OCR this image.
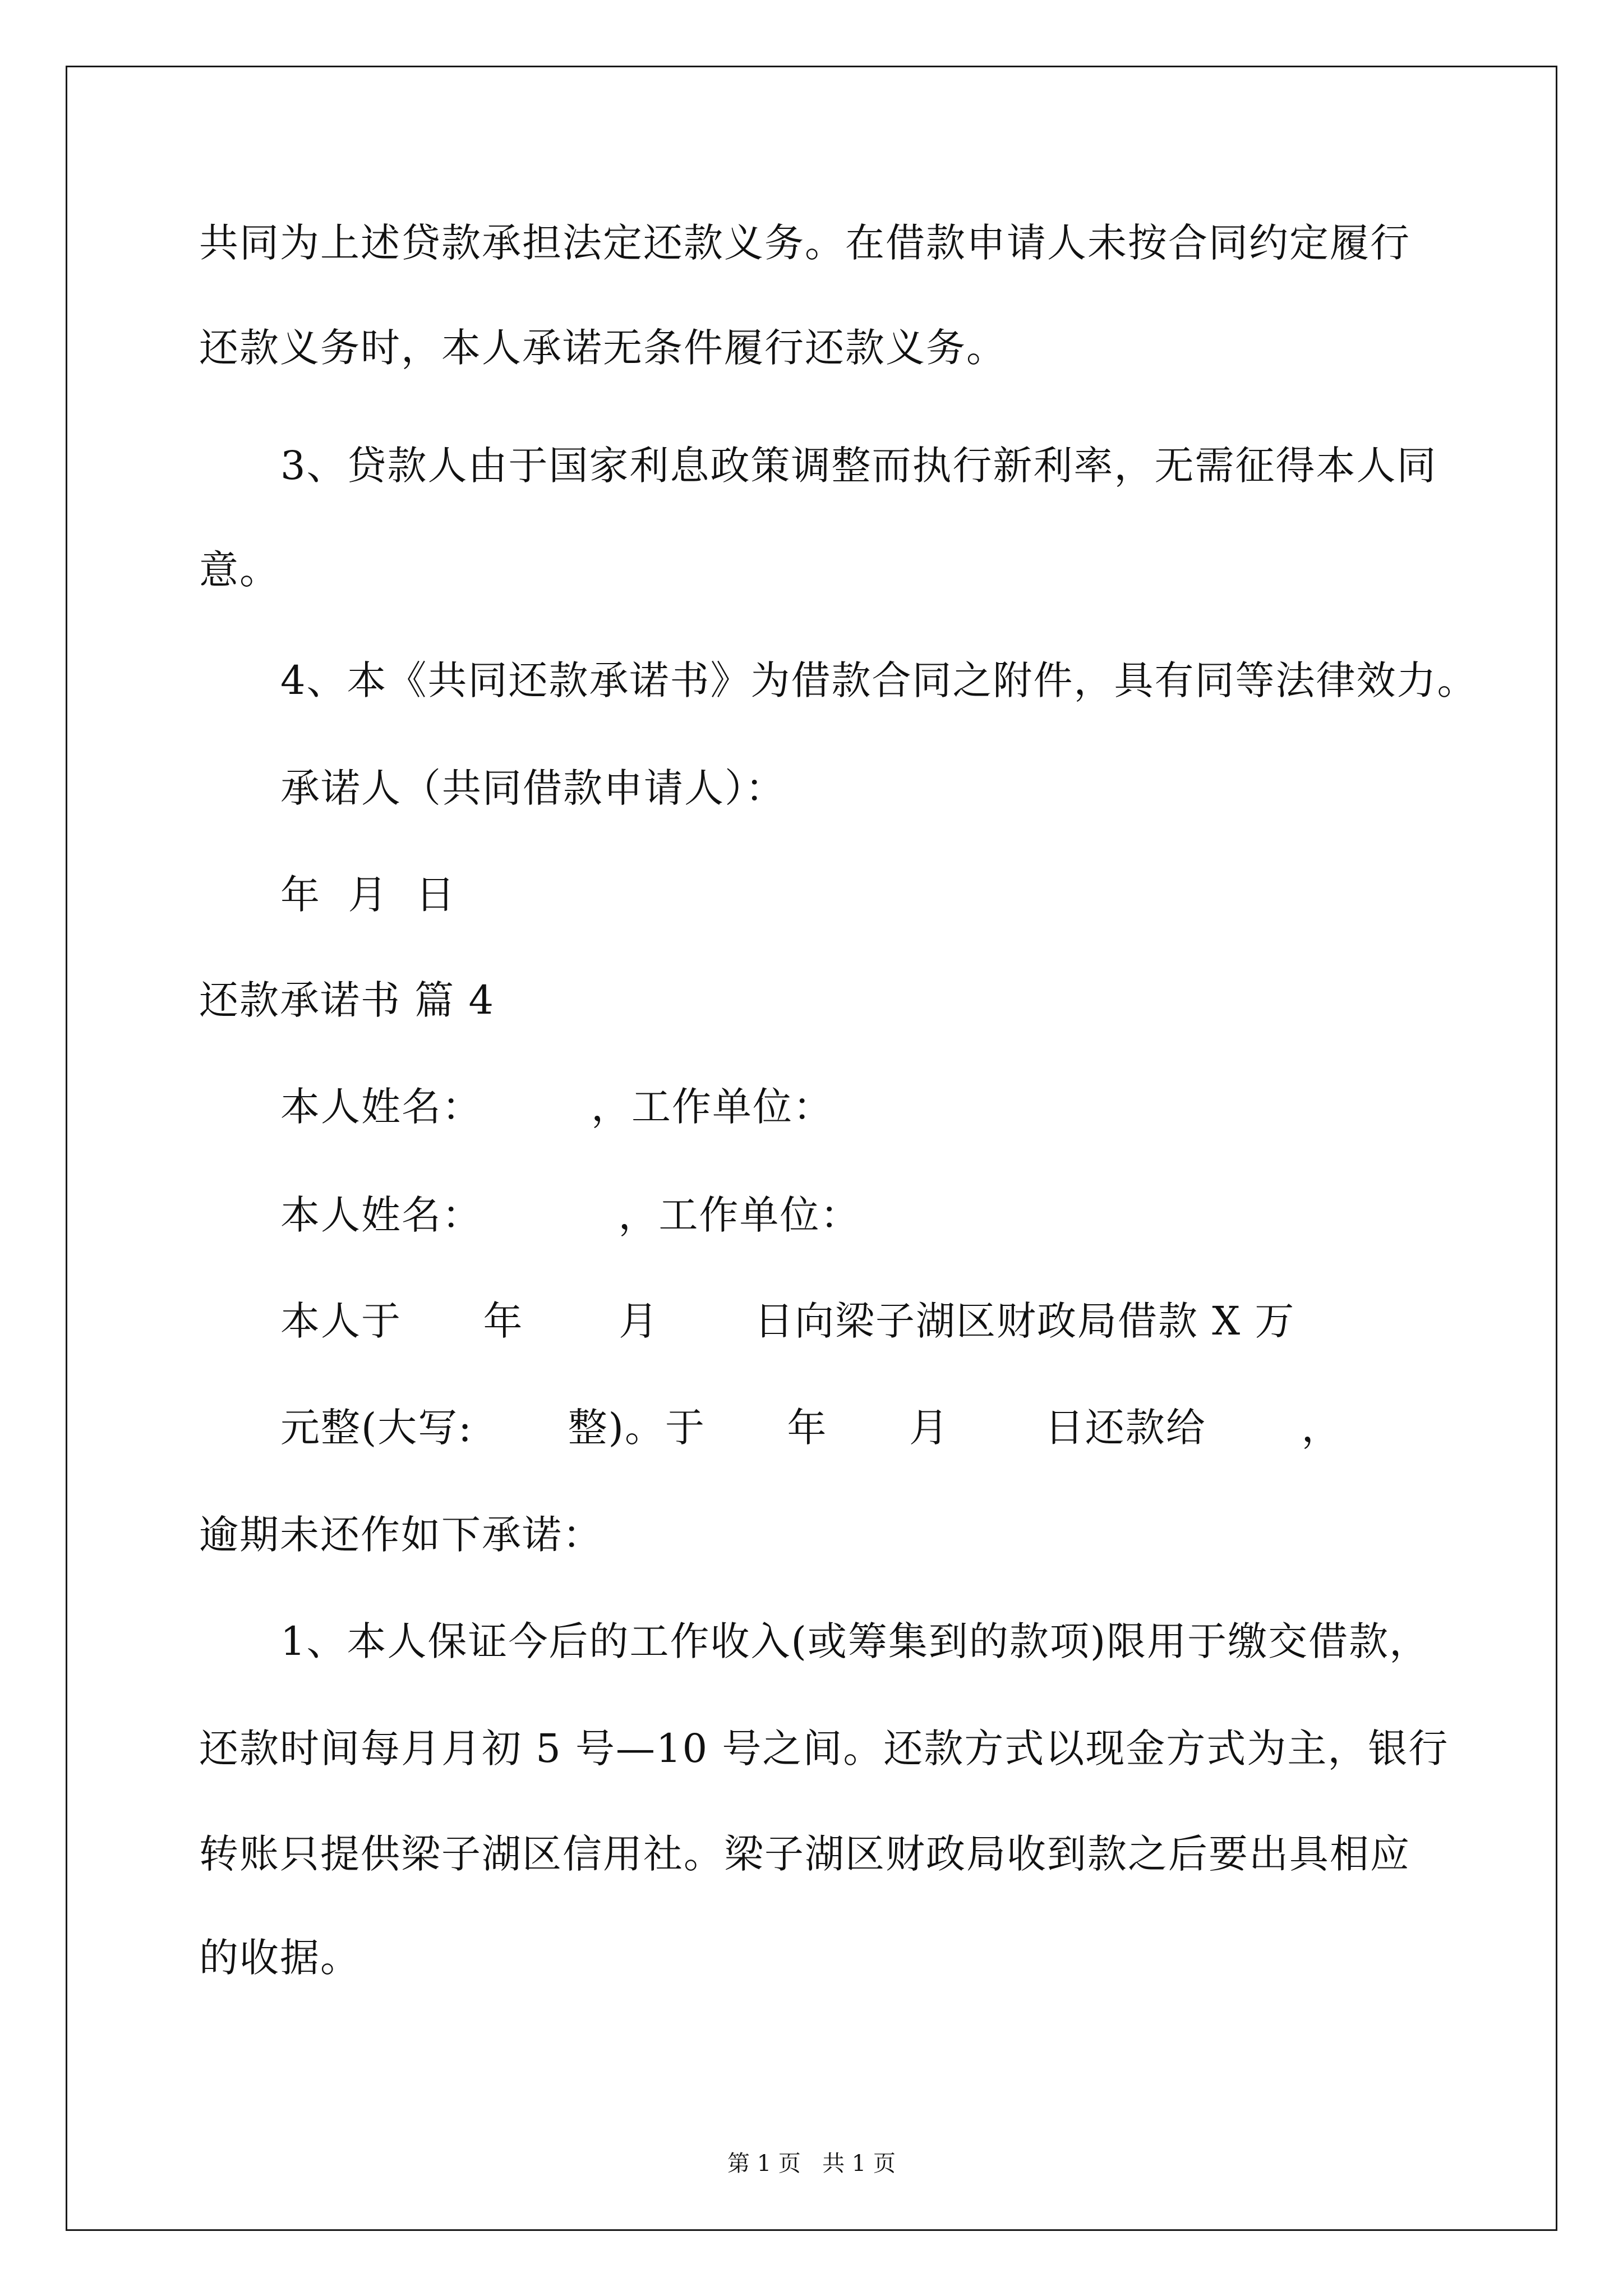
共同为上述贷款承担法定还款义务。在借款申请人未按合同约定履行
还款义务时，本人承诺无条件履行还款义务。
3、贷款人由于国家利息政策调整而执行新利率，无需征得本人同
意。
4、本《共同还款承诺书》为借款合同之附件，具有同等法律效力。
承诺人（共同借款申请人）：
年  月  日
还款承诺书 篇 4
本人姓名：        ，工作单位：
本人姓名：          ，工作单位：
本人于      年       月       日向梁子湖区财政局借款 X 万
元整(大写:       整)。于      年      月       日还款给       ，
逾期未还作如下承诺：
1、本人保证今后的工作收入(或筹集到的款项)限用于缴交借款，
还款时间每月月初 5 号—10 号之间。还款方式以现金方式为主，银行
转账只提供梁子湖区信用社。梁子湖区财政局收到款之后要出具相应
的收据。
第 1 页   共 1 页
